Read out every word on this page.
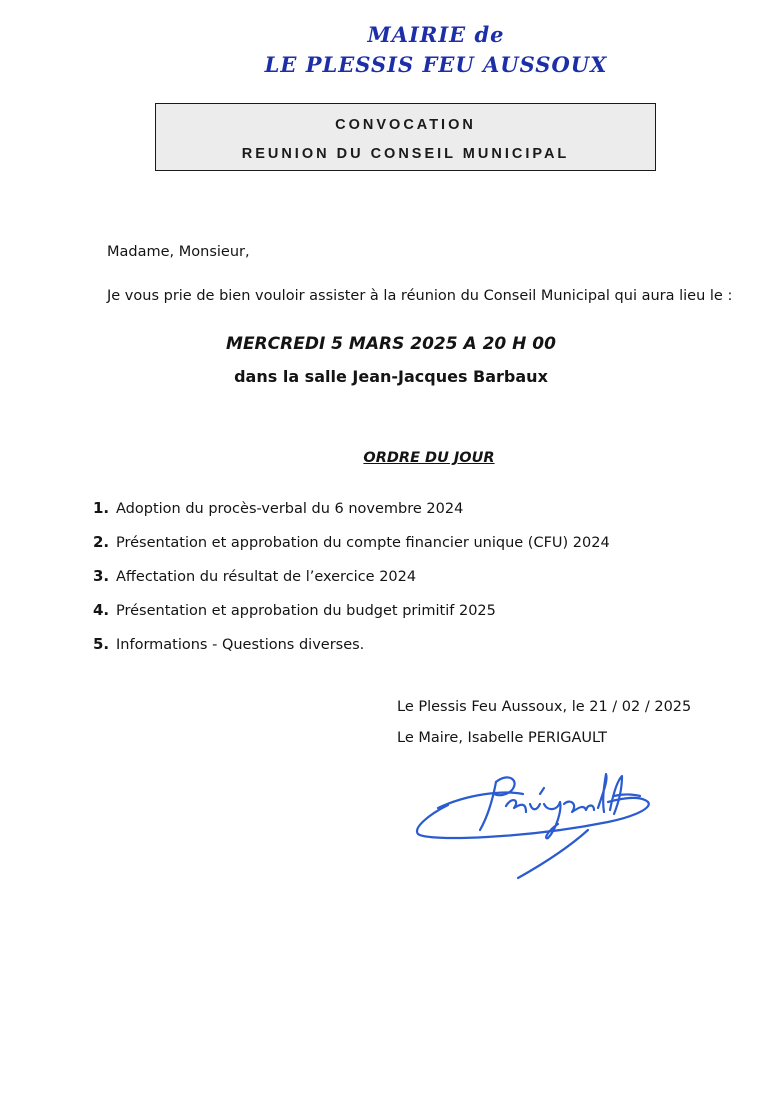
MAIRIE de
LE PLESSIS FEU AUSSOUX
CONVOCATION
REUNION DU CONSEIL MUNICIPAL
Madame, Monsieur,
Je vous prie de bien vouloir assister à la réunion du Conseil Municipal qui aura lieu le :
MERCREDI 5 MARS 2025 A 20 H 00
dans la salle Jean-Jacques Barbaux
ORDRE DU JOUR
1. Adoption du procès-verbal du 6 novembre 2024
2. Présentation et approbation du compte financier unique (CFU) 2024
3. Affectation du résultat de l’exercice 2024
4. Présentation et approbation du budget primitif 2025
5. Informations - Questions diverses.
Le Plessis Feu Aussoux, le 21 / 02 / 2025
Le Maire, Isabelle PERIGAULT
